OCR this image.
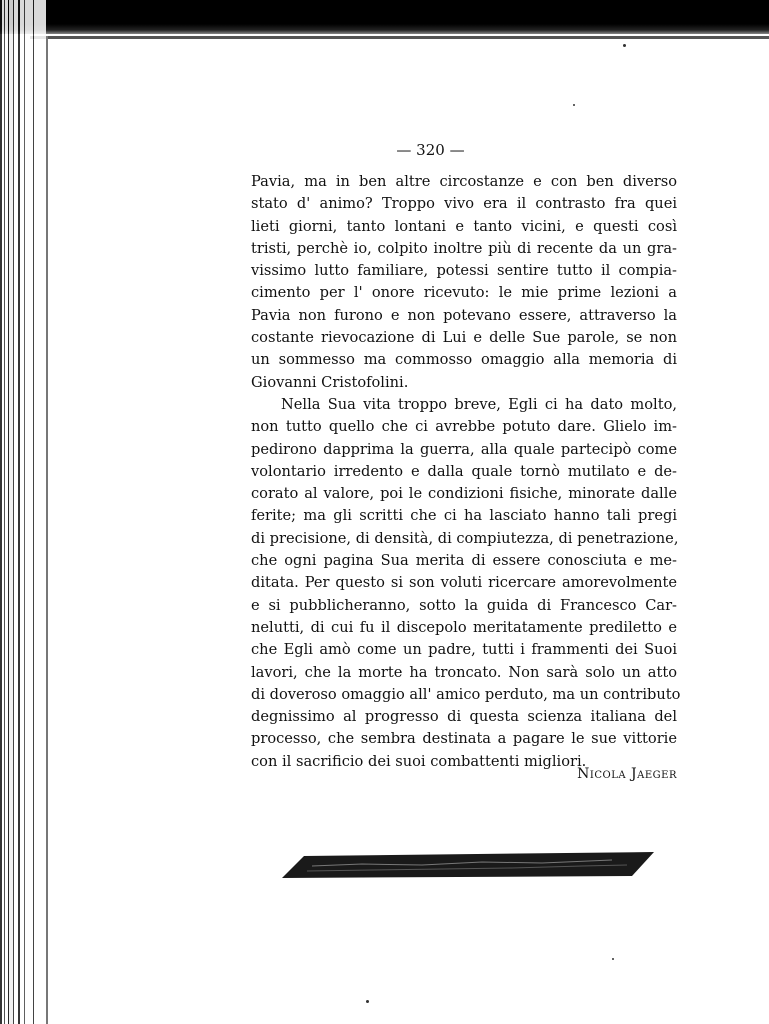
— 320 —
Pavia, ma in ben altre circostanze e con ben diverso
stato d' animo? Troppo vivo era il contrasto fra quei
lieti giorni, tanto lontani e tanto vicini, e questi così
tristi, perchè io, colpito inoltre più di recente da un gra-
vissimo lutto familiare, potessi sentire tutto il compia-
cimento per l' onore ricevuto: le mie prime lezioni a
Pavia non furono e non potevano essere, attraverso la
costante rievocazione di Lui e delle Sue parole, se non
un sommesso ma commosso omaggio alla memoria di
Giovanni Cristofolini.
Nella Sua vita troppo breve, Egli ci ha dato molto,
non tutto quello che ci avrebbe potuto dare. Glielo im-
pedirono dapprima la guerra, alla quale partecipò come
volontario irredento e dalla quale tornò mutilato e de-
corato al valore, poi le condizioni fisiche, minorate dalle
ferite; ma gli scritti che ci ha lasciato hanno tali pregi
di precisione, di densità, di compiutezza, di penetrazione,
che ogni pagina Sua merita di essere conosciuta e me-
ditata. Per questo si son voluti ricercare amorevolmente
e si pubblicheranno, sotto la guida di Francesco Car-
nelutti, di cui fu il discepolo meritatamente prediletto e
che Egli amò come un padre, tutti i frammenti dei Suoi
lavori, che la morte ha troncato. Non sarà solo un atto
di doveroso omaggio all' amico perduto, ma un contributo
degnissimo al progresso di questa scienza italiana del
processo, che sembra destinata a pagare le sue vittorie
con il sacrificio dei suoi combattenti migliori.
Nicola Jaeger
